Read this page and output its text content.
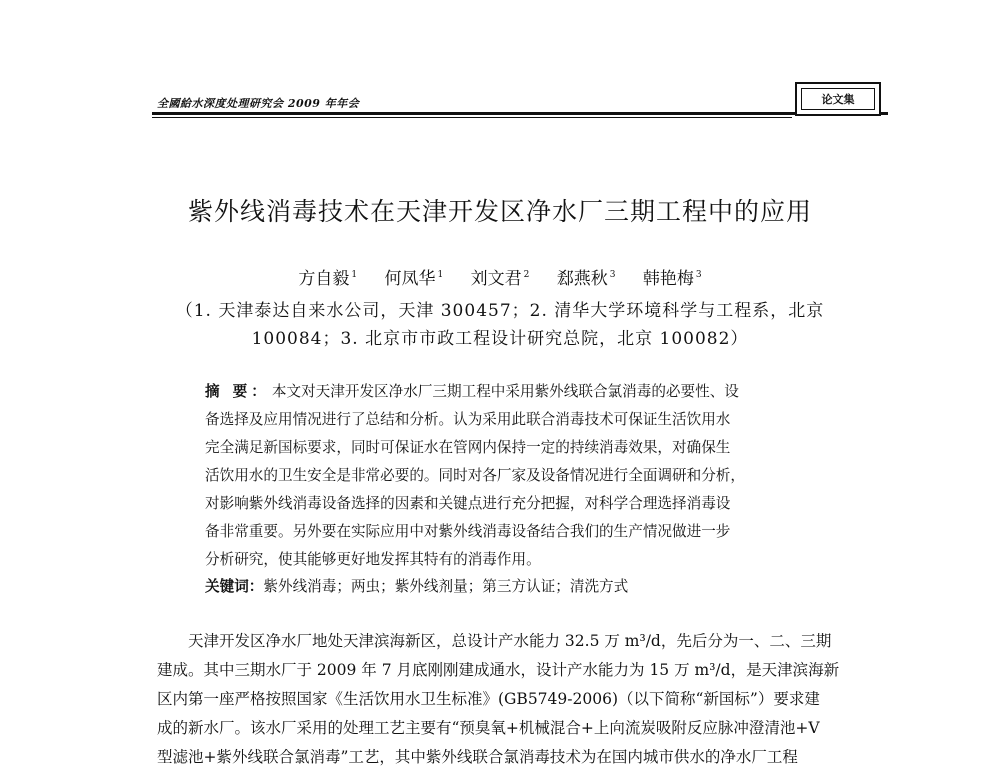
全國給水深度处理研究会 2009 年年会	论文集
紫外线消毒技术在天津开发区净水厂三期工程中的应用
方自毅 $^1$ 何凤华 $^1$ 刘文君 $^2$ 郄燕秋 $^3$ 韩艳梅 $^3$
（1. 天津泰达自来水公司，天津 300457；2. 清华大学环境科学与工程系，北京
100084；3. 北京市市政工程设计研究总院，北京 100082）
摘 要： 本文对天津开发区净水厂三期工程中采用紫外线联合氯消毒的必要性、设
备选择及应用情况进行了总结和分析。认为采用此联合消毒技术可保证生活饮用水
完全满足新国标要求，同时可保证水在管网内保持一定的持续消毒效果，对确保生
活饮用水的卫生安全是非常必要的。同时对各厂家及设备情况进行全面调研和分析，
对影响紫外线消毒设备选择的因素和关键点进行充分把握，对科学合理选择消毒设
备非常重要。另外要在实际应用中对紫外线消毒设备结合我们的生产情况做进一步
分析研究，使其能够更好地发挥其特有的消毒作用。
关键词：紫外线消毒；两虫；紫外线剂量；第三方认证；清洗方式
天津开发区净水厂地处天津滨海新区，总设计产水能力 32.5 万 m³/d，先后分为一、二、三期
建成。其中三期水厂于 2009 年 7 月底刚刚建成通水，设计产水能力为 15 万 m³/d，是天津滨海新
区内第一座严格按照国家《生活饮用水卫生标准》(GB5749-2006)（以下简称“新国标”）要求建
成的新水厂。该水厂采用的处理工艺主要有“预臭氧+机械混合+上向流炭吸附反应脉冲澄清池+V
型滤池+紫外线联合氯消毒”工艺，其中紫外线联合氯消毒技术为在国内城市供水的净水厂工程
